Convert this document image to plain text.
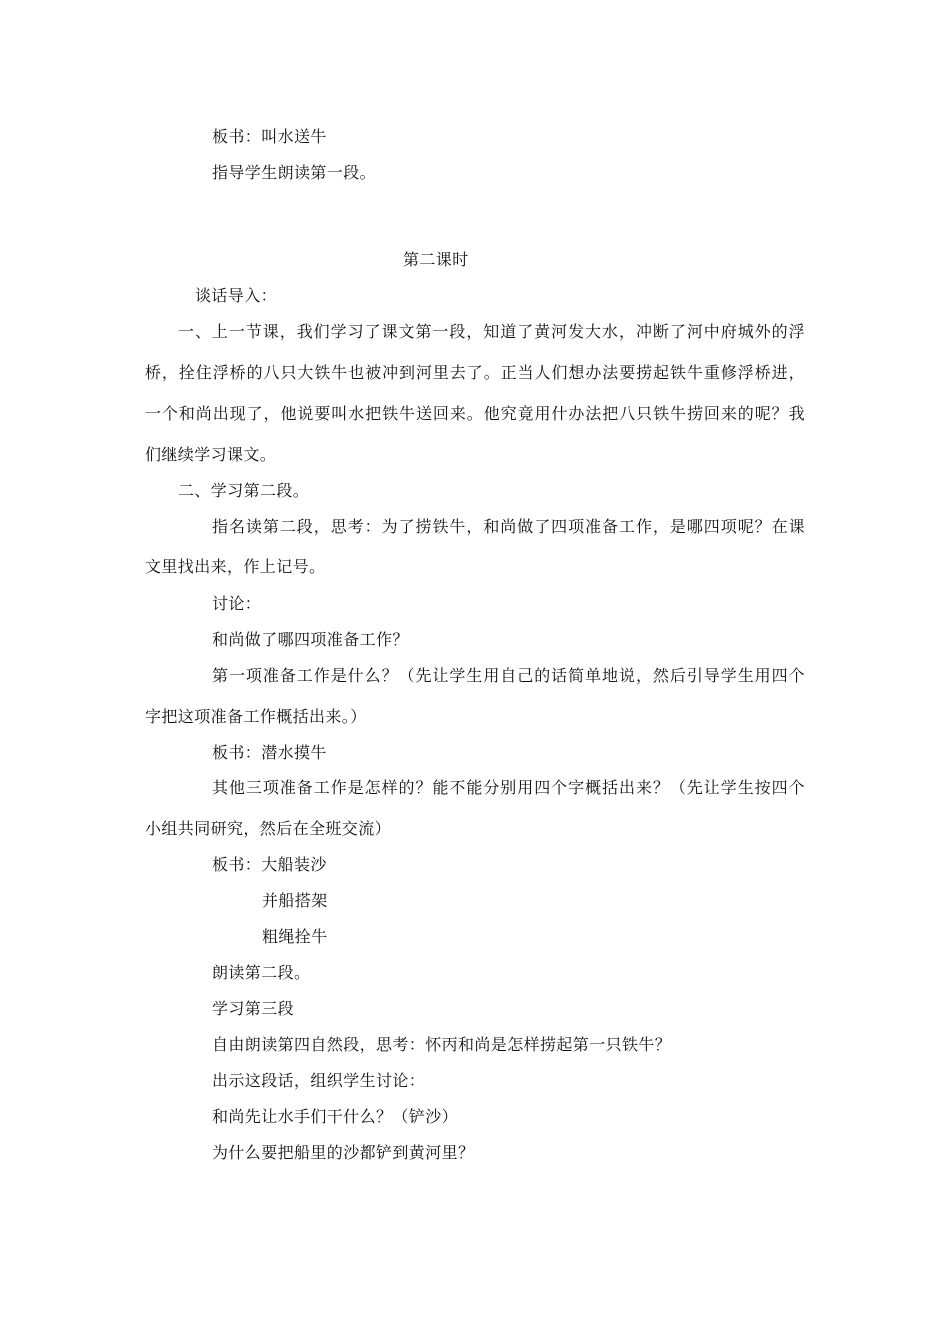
板书：叫水送牛
指导学生朗读第一段。
第二课时
谈话导入：
一、上一节课，我们学习了课文第一段，知道了黄河发大水，冲断了河中府城外的浮
桥，拴住浮桥的八只大铁牛也被冲到河里去了。正当人们想办法要捞起铁牛重修浮桥进，
一个和尚出现了，他说要叫水把铁牛送回来。他究竟用什办法把八只铁牛捞回来的呢？我
们继续学习课文。
二、学习第二段。
指名读第二段，思考：为了捞铁牛，和尚做了四项准备工作，是哪四项呢？在课
文里找出来，作上记号。
讨论：
和尚做了哪四项准备工作？
第一项准备工作是什么？（先让学生用自己的话简单地说，然后引导学生用四个
字把这项准备工作概括出来。）
板书：潜水摸牛
其他三项准备工作是怎样的？能不能分别用四个字概括出来？（先让学生按四个
小组共同研究，然后在全班交流）
板书：大船装沙
并船搭架
粗绳拴牛
朗读第二段。
学习第三段
自由朗读第四自然段，思考：怀丙和尚是怎样捞起第一只铁牛？
出示这段话，组织学生讨论：
和尚先让水手们干什么？（铲沙）
为什么要把船里的沙都铲到黄河里？
